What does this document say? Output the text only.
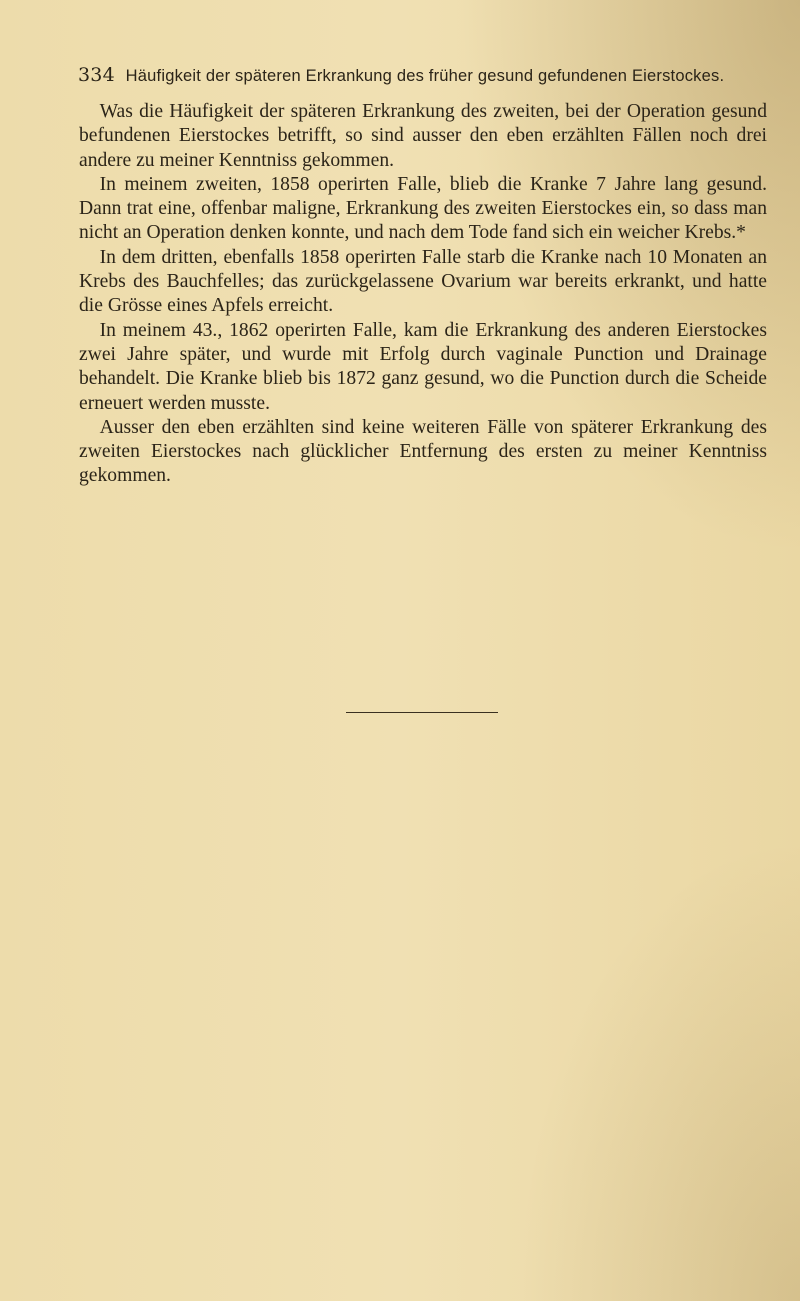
334 Häufigkeit der späteren Erkrankung des früher gesund gefundenen Eierstockes.

Was die Häufigkeit der späteren Erkrankung des zweiten, bei der Operation gesund befundenen Eierstockes betrifft, so sind ausser den eben erzählten Fällen noch drei andere zu meiner Kenntniss gekommen.

In meinem zweiten, 1858 operirten Falle, blieb die Kranke 7 Jahre lang gesund. Dann trat eine, offenbar maligne, Erkrankung des zweiten Eierstockes ein, so dass man nicht an Operation denken konnte, und nach dem Tode fand sich ein weicher Krebs.*

In dem dritten, ebenfalls 1858 operirten Falle starb die Kranke nach 10 Monaten an Krebs des Bauchfelles; das zurückgelassene Ovarium war bereits erkrankt, und hatte die Grösse eines Apfels erreicht.

In meinem 43., 1862 operirten Falle, kam die Erkrankung des anderen Eierstockes zwei Jahre später, und wurde mit Erfolg durch vaginale Punction und Drainage behandelt. Die Kranke blieb bis 1872 ganz gesund, wo die Punction durch die Scheide erneuert werden musste.

Ausser den eben erzählten sind keine weiteren Fälle von späterer Erkrankung des zweiten Eierstockes nach glücklicher Entfernung des ersten zu meiner Kenntniss gekommen.
